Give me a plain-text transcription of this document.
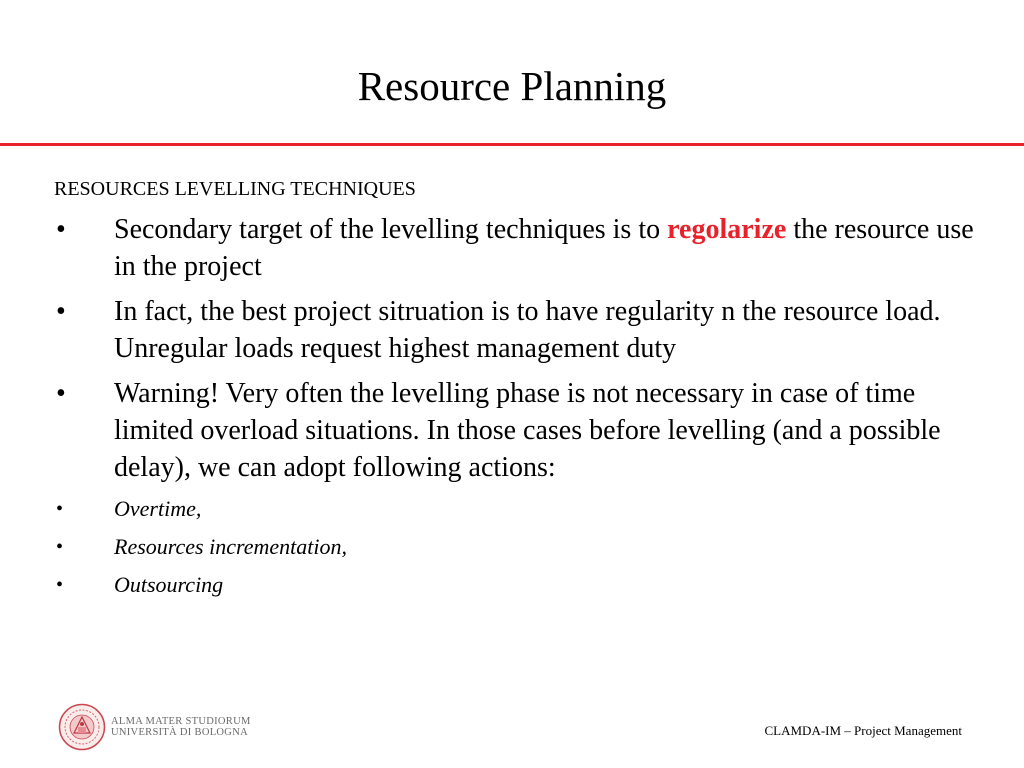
Resource Planning
RESOURCES LEVELLING TECHNIQUES
•	Secondary target of the levelling techniques is to regolarize the resource use in the project
•	In fact, the best project sitruation is to have regularity n the resource load. Unregular loads request highest management duty
•	Warning! Very often the levelling phase is not necessary in case of time limited overload situations. In those cases before levelling (and a possible delay), we can adopt following actions:
•	Overtime,
•	Resources incrementation,
•	Outsourcing
ALMA MATER STUDIORUM
UNIVERSITÀ DI BOLOGNA	CLAMDA-IM – Project Management
